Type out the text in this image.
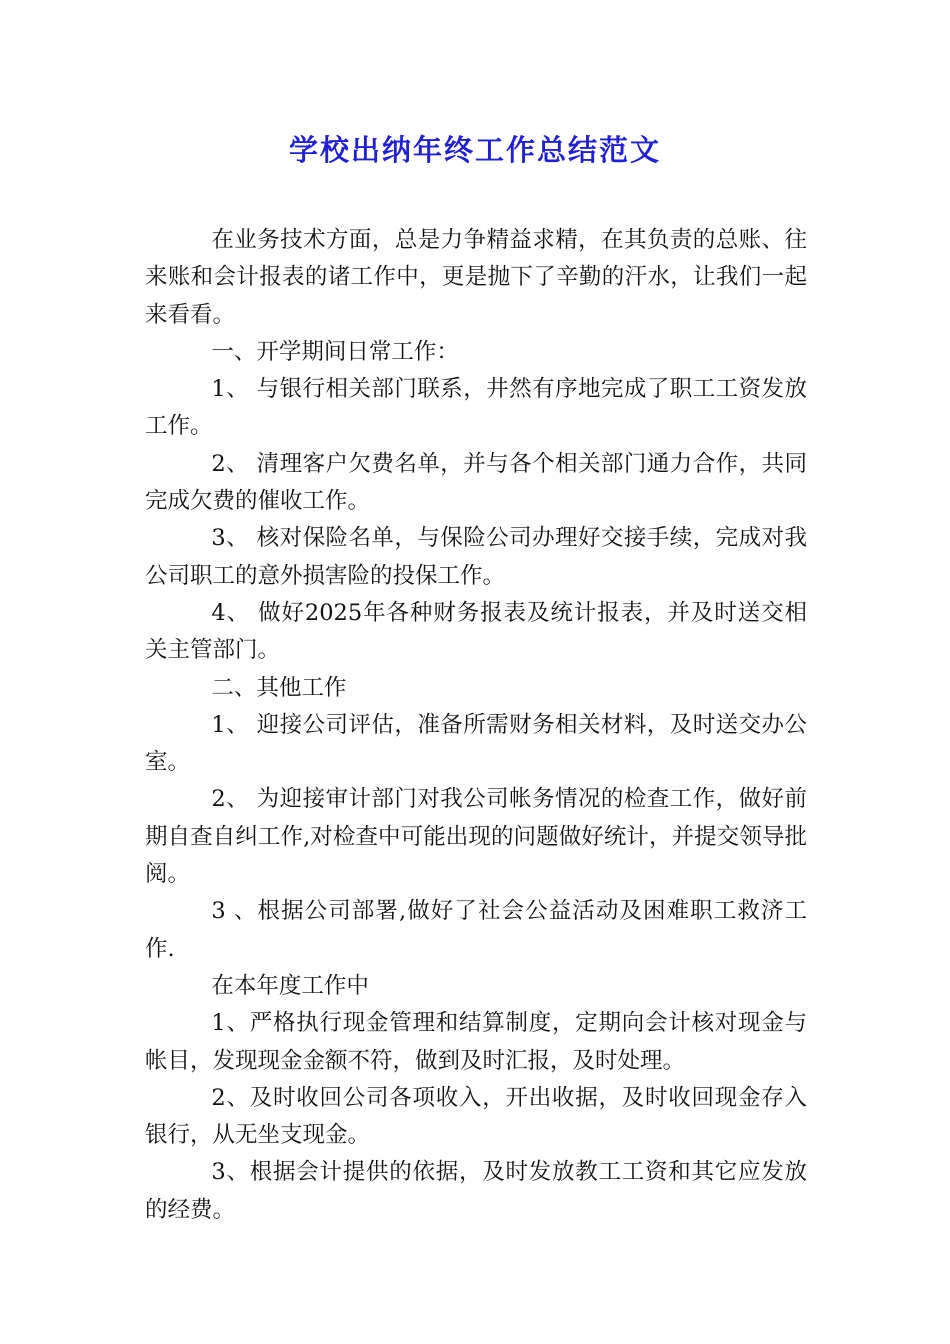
学校出纳年终工作总结范文

在业务技术方面，总是力争精益求精，在其负责的总账、往来账和会计报表的诸工作中，更是抛下了辛勤的汗水，让我们一起来看看。

一、开学期间日常工作：

1、 与银行相关部门联系，井然有序地完成了职工工资发放工作。

2、 清理客户欠费名单，并与各个相关部门通力合作，共同完成欠费的催收工作。

3、 核对保险名单，与保险公司办理好交接手续，完成对我公司职工的意外损害险的投保工作。

4、 做好2025年各种财务报表及统计报表，并及时送交相关主管部门。

二、其他工作

1、 迎接公司评估，准备所需财务相关材料，及时送交办公室。

2、 为迎接审计部门对我公司帐务情况的检查工作，做好前期自查自纠工作,对检查中可能出现的问题做好统计，并提交领导批阅。

3 、根据公司部署,做好了社会公益活动及困难职工救济工作.

在本年度工作中

1、严格执行现金管理和结算制度，定期向会计核对现金与帐目，发现现金金额不符，做到及时汇报，及时处理。

2、及时收回公司各项收入，开出收据，及时收回现金存入银行，从无坐支现金。

3、根据会计提供的依据，及时发放教工工资和其它应发放的经费。
